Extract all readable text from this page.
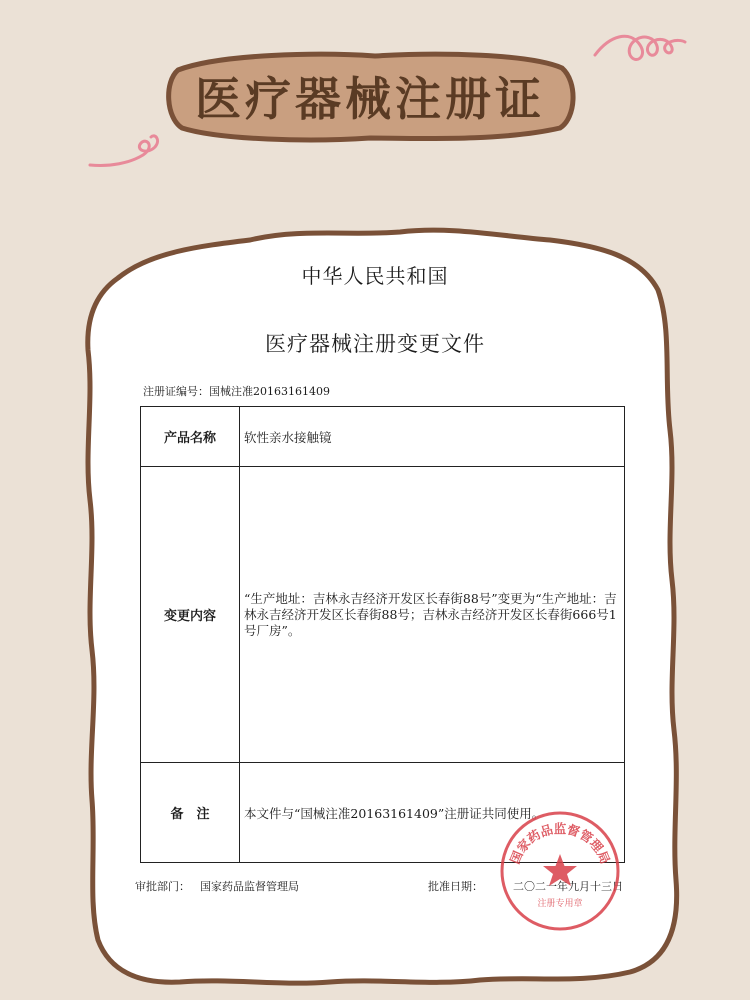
医疗器械注册证
中华人民共和国
医疗器械注册变更文件
注册证编号：国械注准20163161409
产品名称	软性亲水接触镜
变更内容	“生产地址：吉林永吉经济开发区长春街88号”变更为“生产地址：吉林永吉经济开发区长春街88号；吉林永吉经济开发区长春街666号1号厂房”。
备　注	本文件与“国械注准20163161409”注册证共同使用。
审批部门： 国家药品监督管理局	批准日期：	二〇二一年九月十三日
国家药品监督管理局
注册专用章
